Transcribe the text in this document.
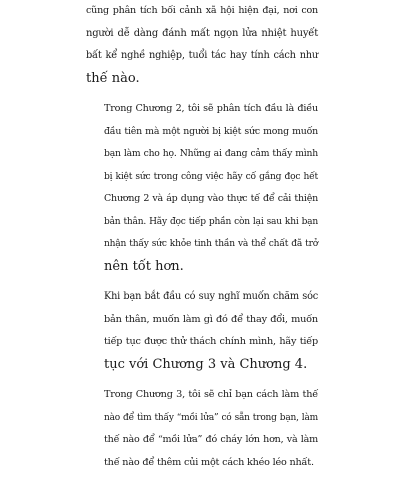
cũng phân tích bối cảnh xã hội hiện đại, nơi con
người dễ dàng đánh mất ngọn lửa nhiệt huyết
bất kể nghề nghiệp, tuổi tác hay tính cách như
thế nào.
Trong Chương 2, tôi sẽ phân tích đầu là điều
đầu tiên mà một người bị kiệt sức mong muốn
bạn làm cho họ. Những ai đang cảm thấy mình
bị kiệt sức trong công việc hãy cố gắng đọc hết
Chương 2 và áp dụng vào thực tế để cải thiện
bản thân. Hãy đọc tiếp phần còn lại sau khi bạn
nhận thấy sức khỏe tinh thần và thể chất đã trở
nên tốt hơn.
Khi bạn bắt đầu có suy nghĩ muốn chăm sóc
bản thân, muốn làm gì đó để thay đổi, muốn
tiếp tục được thử thách chính mình, hãy tiếp
tục với Chương 3 và Chương 4.
Trong Chương 3, tôi sẽ chỉ bạn cách làm thế
nào để tìm thấy “mồi lửa” có sẵn trong bạn, làm
thế nào để “mồi lửa” đó cháy lớn hơn, và làm
thế nào để thêm củi một cách khéo léo nhất.
